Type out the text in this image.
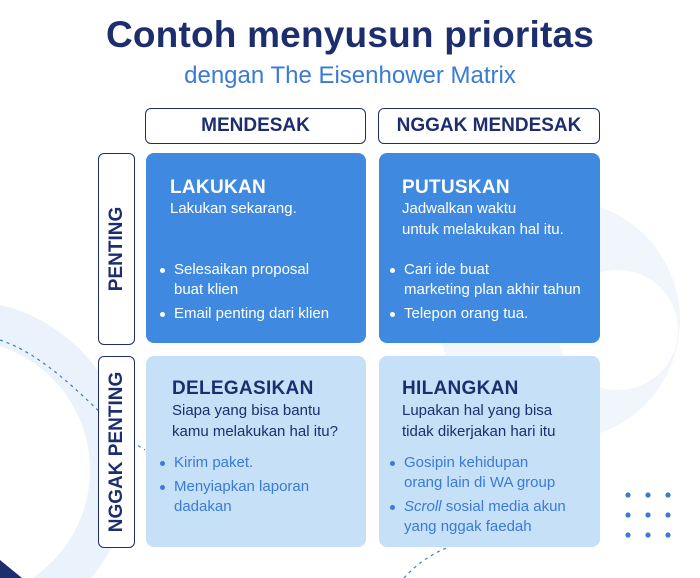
Contoh menyusun prioritas
dengan The Eisenhower Matrix
MENDESAK	NGGAK MENDESAK
PENTING
NGGAK PENTING
LAKUKAN
Lakukan sekarang.
Selesaikan proposal
buat klien
Email penting dari klien
PUTUSKAN
Jadwalkan waktu
untuk melakukan hal itu.
Cari ide buat
marketing plan akhir tahun
Telepon orang tua.
DELEGASIKAN
Siapa yang bisa bantu
kamu melakukan hal itu?
Kirim paket.
Menyiapkan laporan
dadakan
HILANGKAN
Lupakan hal yang bisa
tidak dikerjakan hari itu
Gosipin kehidupan
orang lain di WA group
Scroll sosial media akun
yang nggak faedah
